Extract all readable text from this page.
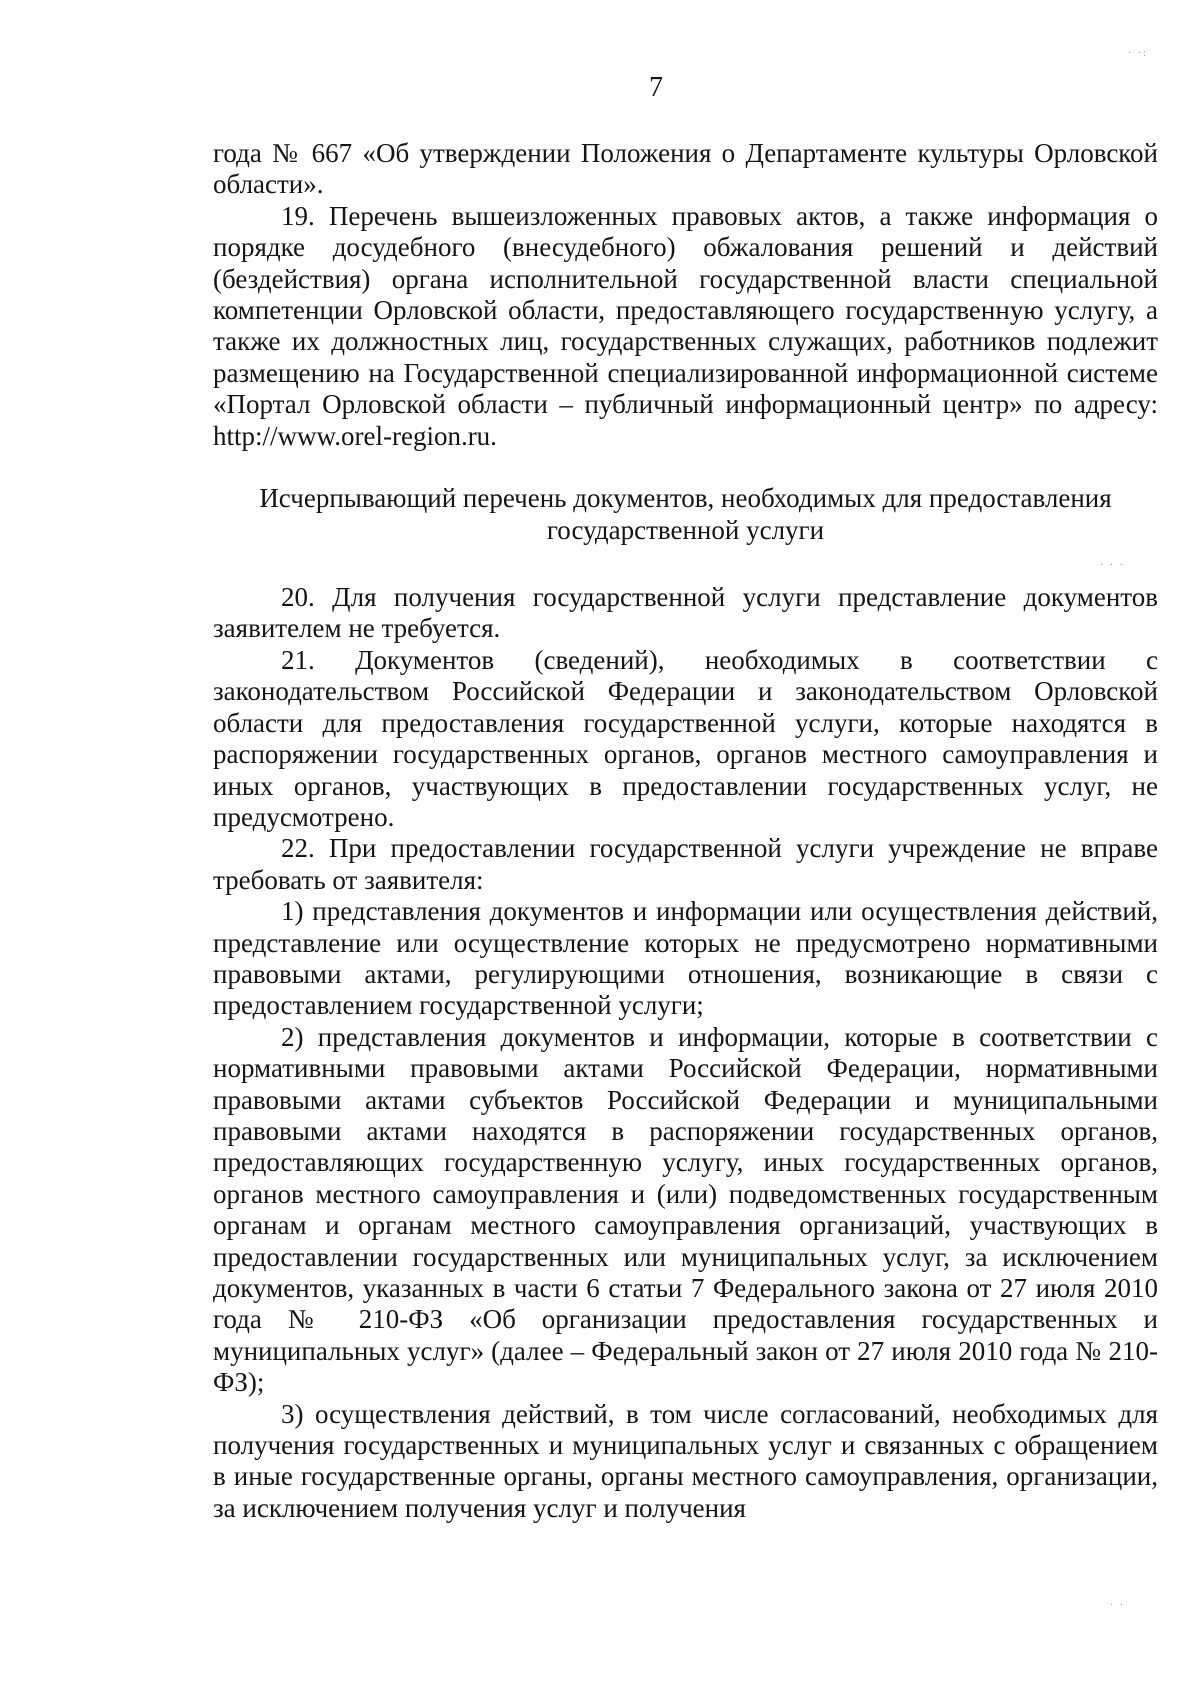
7

года № 667 «Об утверждении Положения о Департаменте культуры Орловской области».

19. Перечень вышеизложенных правовых актов, а также информация о порядке досудебного (внесудебного) обжалования решений и действий (бездействия) органа исполнительной государственной власти специальной компетенции Орловской области, предоставляющего государственную услугу, а также их должностных лиц, государственных служащих, работников подлежит размещению на Государственной специализированной информационной системе «Портал Орловской области – публичный информационный центр» по адресу: http://www.orel-region.ru.

Исчерпывающий перечень документов, необходимых для предоставления государственной услуги

20. Для получения государственной услуги представление документов заявителем не требуется.

21. Документов (сведений), необходимых в соответствии с законодательством Российской Федерации и законодательством Орловской области для предоставления государственной услуги, которые находятся в распоряжении государственных органов, органов местного самоуправления и иных органов, участвующих в предоставлении государственных услуг, не предусмотрено.

22. При предоставлении государственной услуги учреждение не вправе требовать от заявителя:

1) представления документов и информации или осуществления действий, представление или осуществление которых не предусмотрено нормативными правовыми актами, регулирующими отношения, возникающие в связи с предоставлением государственной услуги;

2) представления документов и информации, которые в соответствии с нормативными правовыми актами Российской Федерации, нормативными правовыми актами субъектов Российской Федерации и муниципальными правовыми актами находятся в распоряжении государственных органов, предоставляющих государственную услугу, иных государственных органов, органов местного самоуправления и (или) подведомственных государственным органам и органам местного самоуправления организаций, участвующих в предоставлении государственных или муниципальных услуг, за исключением документов, указанных в части 6 статьи 7 Федерального закона от 27 июля 2010 года № 210-ФЗ «Об организации предоставления государственных и муниципальных услуг» (далее – Федеральный закон от 27 июля 2010 года № 210-ФЗ);

3) осуществления действий, в том числе согласований, необходимых для получения государственных и муниципальных услуг и связанных с обращением в иные государственные органы, органы местного самоуправления, организации, за исключением получения услуг и получения

· ·:
· · ·
· ·
